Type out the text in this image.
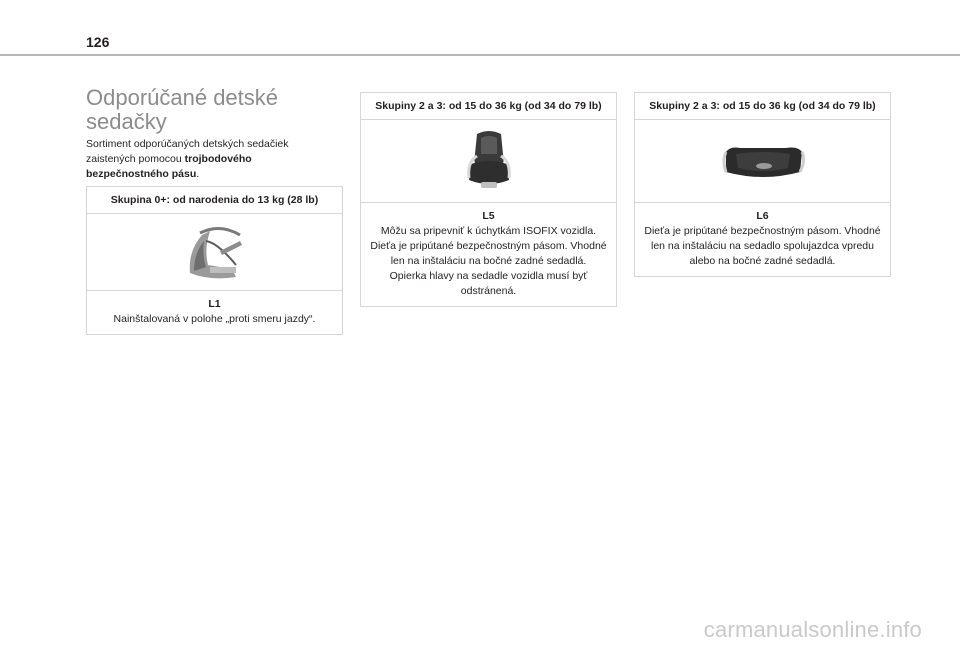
126
Odporúčané detské sedačky
Sortiment odporúčaných detských sedačiek zaistených pomocou trojbodového bezpečnostného pásu.
Skupina 0+: od narodenia do 13 kg (28 lb)
L1
Nainštalovaná v polohe „proti smeru jazdy“.
Skupiny 2 a 3: od 15 do 36 kg (od 34 do 79 lb)
L5
Môžu sa pripevniť k úchytkám ISOFIX vozidla.
Dieťa je pripútané bezpečnostným pásom. Vhodné len na inštaláciu na bočné zadné sedadlá.
Opierka hlavy na sedadle vozidla musí byť odstránená.
Skupiny 2 a 3: od 15 do 36 kg (od 34 do 79 lb)
L6
Dieťa je pripútané bezpečnostným pásom. Vhodné len na inštaláciu na sedadlo spolujazdca vpredu alebo na bočné zadné sedadlá.
carmanualsonline.info
